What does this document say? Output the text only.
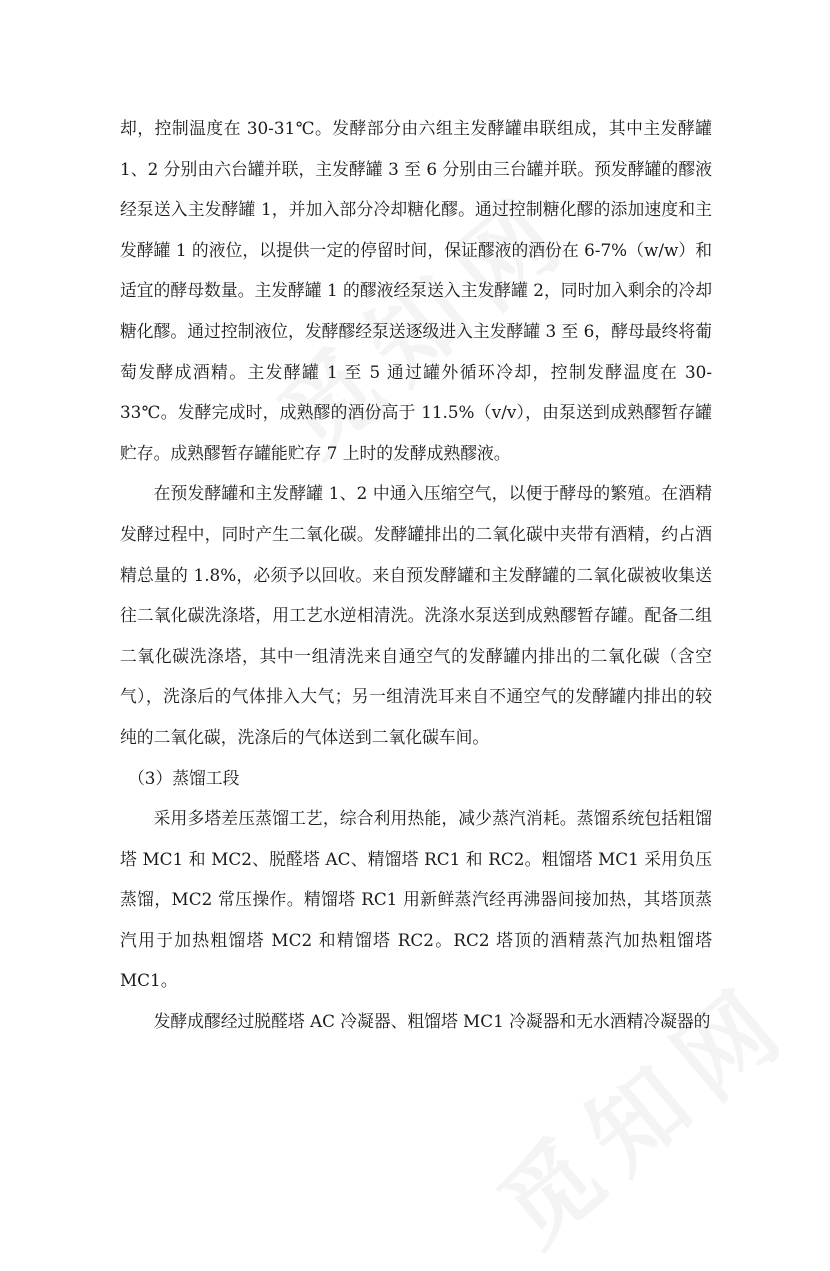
却，控制温度在 30-31℃。发酵部分由六组主发酵罐串联组成，其中主发酵罐 1、2 分别由六台罐并联，主发酵罐 3 至 6 分别由三台罐并联。预发酵罐的醪液经泵送入主发酵罐 1，并加入部分冷却糖化醪。通过控制糖化醪的添加速度和主发酵罐 1 的液位，以提供一定的停留时间，保证醪液的酒份在 6-7%（w/w）和适宜的酵母数量。主发酵罐 1 的醪液经泵送入主发酵罐 2，同时加入剩余的冷却糖化醪。通过控制液位，发酵醪经泵送逐级进入主发酵罐 3 至 6，酵母最终将葡萄发酵成酒精。主发酵罐 1 至 5 通过罐外循环冷却，控制发酵温度在 30-33℃。发酵完成时，成熟醪的酒份高于 11.5%（v/v），由泵送到成熟醪暂存罐贮存。成熟醪暂存罐能贮存 7 上时的发酵成熟醪液。

在预发酵罐和主发酵罐 1、2 中通入压缩空气，以便于酵母的繁殖。在酒精发酵过程中，同时产生二氧化碳。发酵罐排出的二氧化碳中夹带有酒精，约占酒精总量的 1.8%，必须予以回收。来自预发酵罐和主发酵罐的二氧化碳被收集送往二氧化碳洗涤塔，用工艺水逆相清洗。洗涤水泵送到成熟醪暂存罐。配备二组二氧化碳洗涤塔，其中一组清洗来自通空气的发酵罐内排出的二氧化碳（含空气），洗涤后的气体排入大气；另一组清洗耳来自不通空气的发酵罐内排出的较纯的二氧化碳，洗涤后的气体送到二氧化碳车间。

（3）蒸馏工段

采用多塔差压蒸馏工艺，综合利用热能，减少蒸汽消耗。蒸馏系统包括粗馏塔 MC1 和 MC2、脱醛塔 AC、精馏塔 RC1 和 RC2。粗馏塔 MC1 采用负压蒸馏，MC2 常压操作。精馏塔 RC1 用新鲜蒸汽经再沸器间接加热，其塔顶蒸汽用于加热粗馏塔 MC2 和精馏塔 RC2。RC2 塔顶的酒精蒸汽加热粗馏塔 MC1。

发酵成醪经过脱醛塔 AC 冷凝器、粗馏塔 MC1 冷凝器和无水酒精冷凝器的
